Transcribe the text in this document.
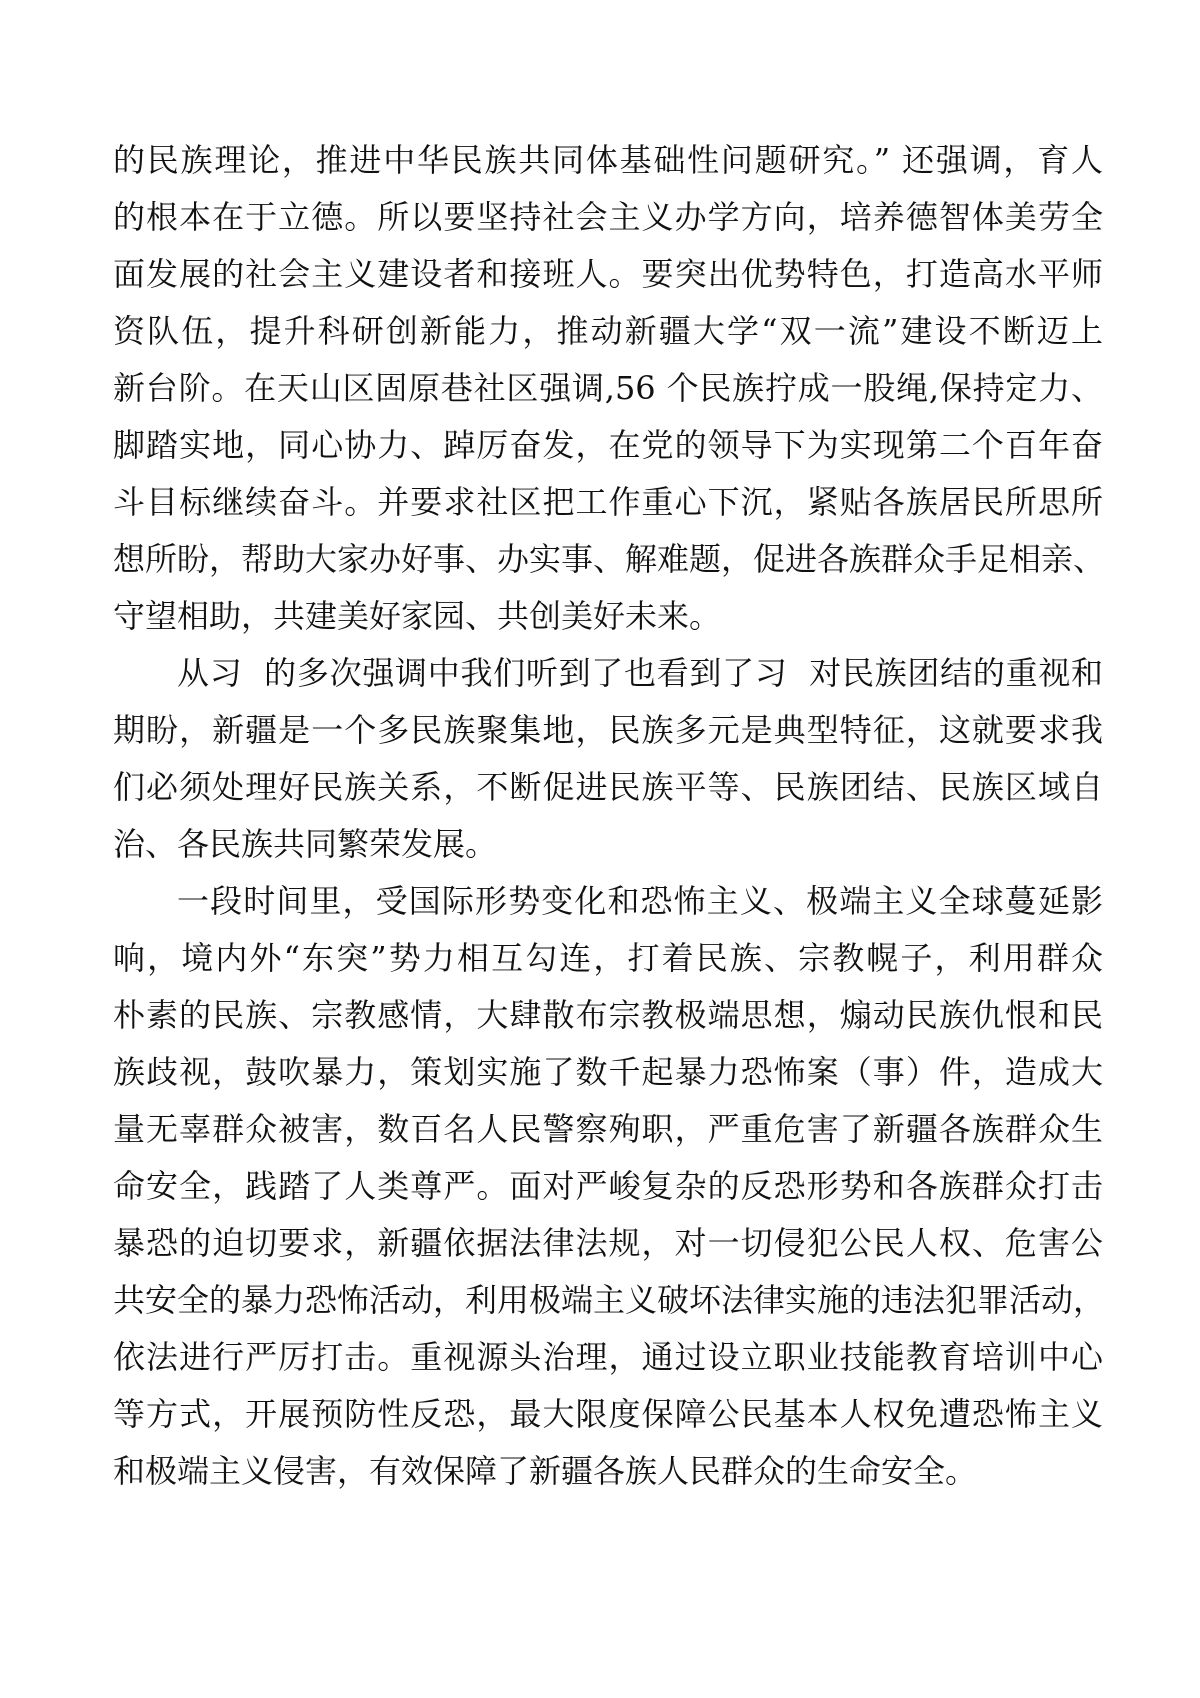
的民族理论，推进中华民族共同体基础性问题研究。” 还强调，育人
的根本在于立德。所以要坚持社会主义办学方向，培养德智体美劳全
面发展的社会主义建设者和接班人。要突出优势特色，打造高水平师
资队伍，提升科研创新能力，推动新疆大学“双一流”建设不断迈上
新台阶。在天山区固原巷社区强调,56 个民族拧成一股绳,保持定力、
脚踏实地，同心协力、踔厉奋发，在党的领导下为实现第二个百年奋
斗目标继续奋斗。并要求社区把工作重心下沉，紧贴各族居民所思所
想所盼，帮助大家办好事、办实事、解难题，促进各族群众手足相亲、
守望相助，共建美好家园、共创美好未来。
从习  的多次强调中我们听到了也看到了习  对民族团结的重视和
期盼，新疆是一个多民族聚集地，民族多元是典型特征，这就要求我
们必须处理好民族关系，不断促进民族平等、民族团结、民族区域自
治、各民族共同繁荣发展。
一段时间里，受国际形势变化和恐怖主义、极端主义全球蔓延影
响，境内外“东突”势力相互勾连，打着民族、宗教幌子，利用群众
朴素的民族、宗教感情，大肆散布宗教极端思想，煽动民族仇恨和民
族歧视，鼓吹暴力，策划实施了数千起暴力恐怖案（事）件，造成大
量无辜群众被害，数百名人民警察殉职，严重危害了新疆各族群众生
命安全，践踏了人类尊严。面对严峻复杂的反恐形势和各族群众打击
暴恐的迫切要求，新疆依据法律法规，对一切侵犯公民人权、危害公
共安全的暴力恐怖活动，利用极端主义破坏法律实施的违法犯罪活动，
依法进行严厉打击。重视源头治理，通过设立职业技能教育培训中心
等方式，开展预防性反恐，最大限度保障公民基本人权免遭恐怖主义
和极端主义侵害，有效保障了新疆各族人民群众的生命安全。
